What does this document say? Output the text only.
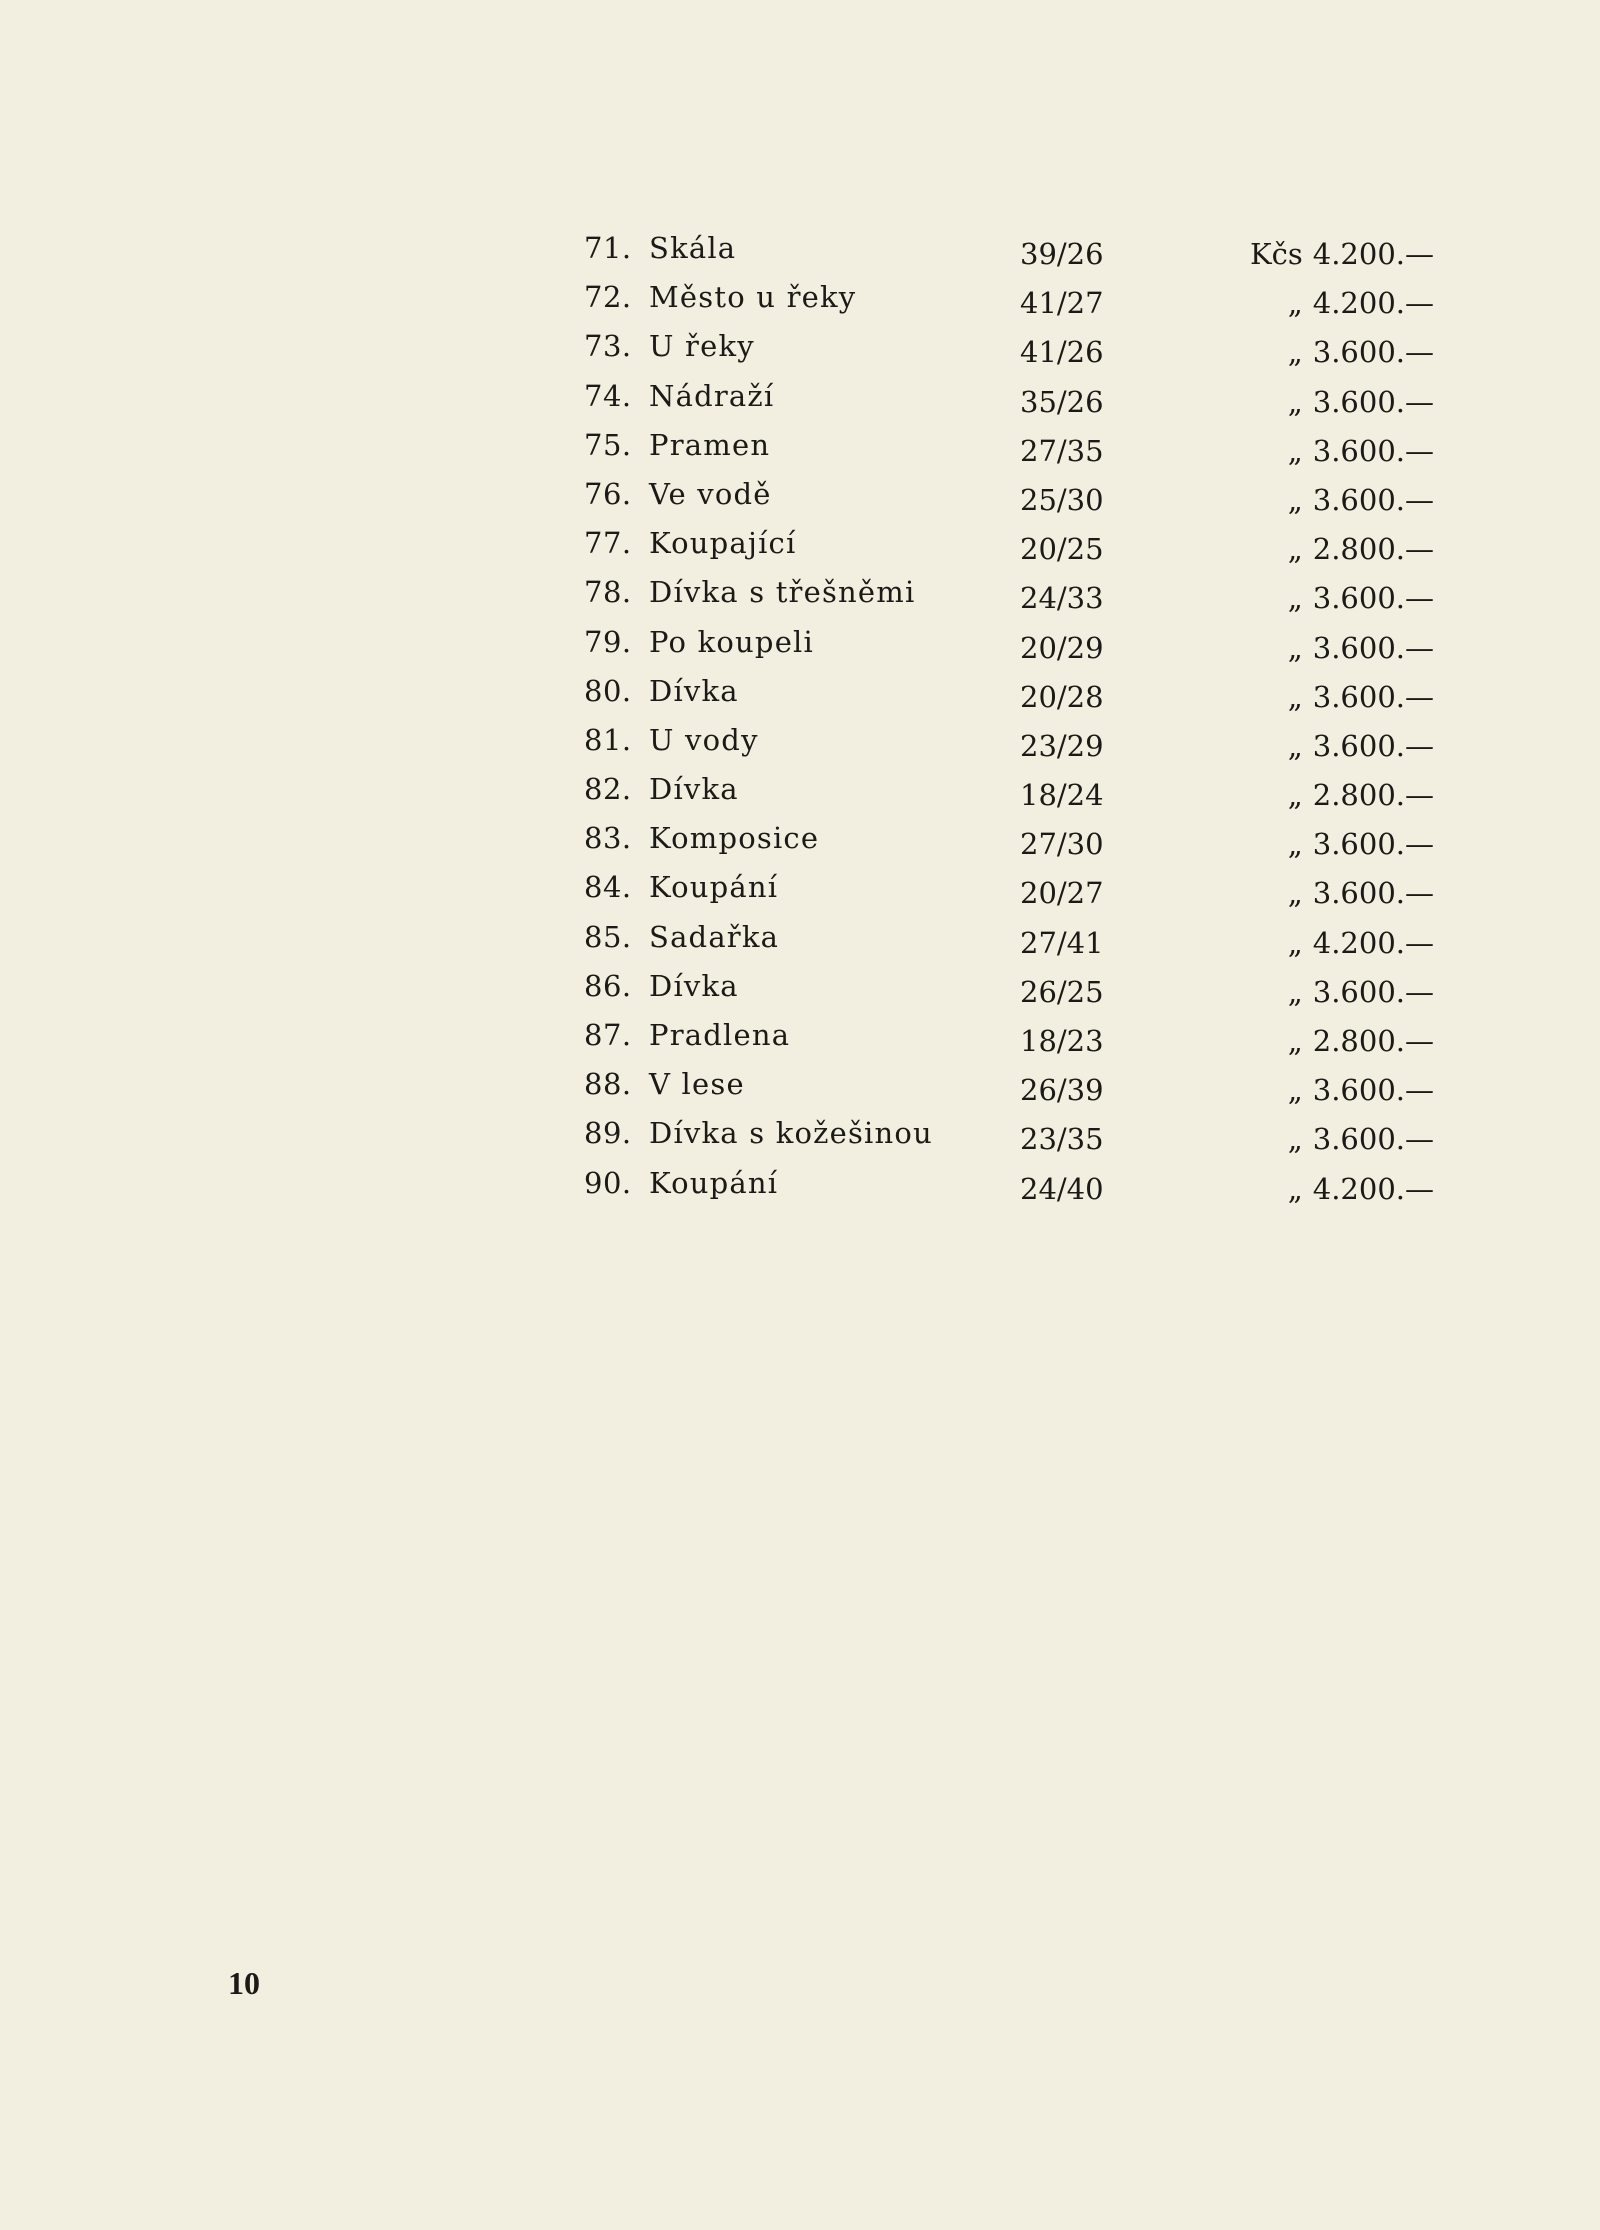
71. Skála	39/26	Kčs 4.200.—
72. Město u řeky	41/27	„ 4.200.—
73. U řeky	41/26	„ 3.600.—
74. Nádraží	35/26	„ 3.600.—
75. Pramen	27/35	„ 3.600.—
76. Ve vodě	25/30	„ 3.600.—
77. Koupající	20/25	„ 2.800.—
78. Dívka s třešněmi	24/33	„ 3.600.—
79. Po koupeli	20/29	„ 3.600.—
80. Dívka	20/28	„ 3.600.—
81. U vody	23/29	„ 3.600.—
82. Dívka	18/24	„ 2.800.—
83. Komposice	27/30	„ 3.600.—
84. Koupání	20/27	„ 3.600.—
85. Sadařka	27/41	„ 4.200.—
86. Dívka	26/25	„ 3.600.—
87. Pradlena	18/23	„ 2.800.—
88. V lese	26/39	„ 3.600.—
89. Dívka s kožešinou	23/35	„ 3.600.—
90. Koupání	24/40	„ 4.200.—
10
